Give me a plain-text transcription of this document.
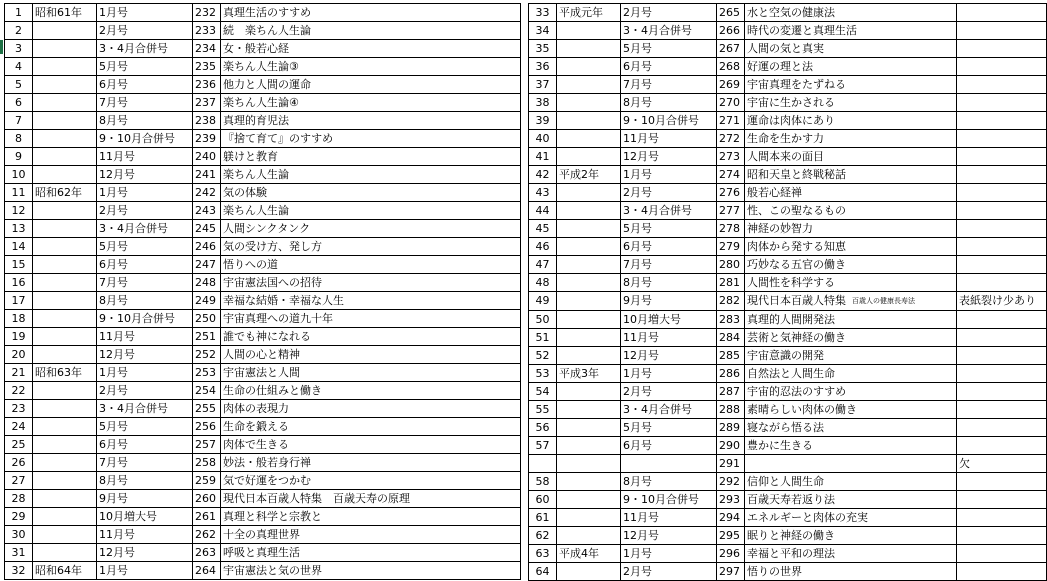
1	昭和61年	1月号	232	真理生活のすすめ
2		2月号	233	続　楽ちん人生論
3		3・4月合併号	234	女・般若心経
4		5月号	235	楽ちん人生論③
5		6月号	236	他力と人間の運命
6		7月号	237	楽ちん人生論④
7		8月号	238	真理的育児法
8		9・10月合併号	239	『捨て育て』のすすめ
9		11月号	240	躾けと教育
10		12月号	241	楽ちん人生論
11	昭和62年	1月号	242	気の体験
12		2月号	243	楽ちん人生論
13		3・4月合併号	245	人間シンクタンク
14		5月号	246	気の受け方、発し方
15		6月号	247	悟りへの道
16		7月号	248	宇宙憲法国への招待
17		8月号	249	幸福な結婚・幸福な人生
18		9・10月合併号	250	宇宙真理への道九十年
19		11月号	251	誰でも神になれる
20		12月号	252	人間の心と精神
21	昭和63年	1月号	253	宇宙憲法と人間
22		2月号	254	生命の仕組みと働き
23		3・4月合併号	255	肉体の表現力
24		5月号	256	生命を鍛える
25		6月号	257	肉体で生きる
26		7月号	258	妙法・般若身行禅
27		8月号	259	気で好運をつかむ
28		9月号	260	現代日本百歳人特集　百歳天寿の原理
29		10月増大号	261	真理と科学と宗教と
30		11月号	262	十全の真理世界
31		12月号	263	呼吸と真理生活
32	昭和64年	1月号	264	宇宙憲法と気の世界
33	平成元年	2月号	265	水と空気の健康法	
34		3・4月合併号	266	時代の変遷と真理生活	
35		5月号	267	人間の気と真実	
36		6月号	268	好運の理と法	
37		7月号	269	宇宙真理をたずねる	
38		8月号	270	宇宙に生かされる	
39		9・10月合併号	271	運命は肉体にあり	
40		11月号	272	生命を生かす力	
41		12月号	273	人間本来の面目	
42	平成2年	1月号	274	昭和天皇と終戦秘話	
43		2月号	276	般若心経禅	
44		3・4月合併号	277	性、この聖なるもの	
45		5月号	278	神経の妙智力	
46		6月号	279	肉体から発する知恵	
47		7月号	280	巧妙なる五官の働き	
48		8月号	281	人間性を科学する	
49		9月号	282	現代日本百歳人特集 百歳人の健康長寿法	表紙裂け少あり
50		10月増大号	283	真理的人間開発法	
51		11月号	284	芸術と気神経の働き	
52		12月号	285	宇宙意識の開発	
53	平成3年	1月号	286	自然法と人間生命	
54		2月号	287	宇宙的忍法のすすめ	
55		3・4月合併号	288	素晴らしい肉体の働き	
56		5月号	289	寝ながら悟る法	
57		6月号	290	豊かに生きる	
			291		欠
58		8月号	292	信仰と人間生命	
60		9・10月合併号	293	百歳天寿若返り法	
61		11月号	294	エネルギーと肉体の充実	
62		12月号	295	眠りと神経の働き	
63	平成4年	1月号	296	幸福と平和の理法	
64		2月号	297	悟りの世界	
